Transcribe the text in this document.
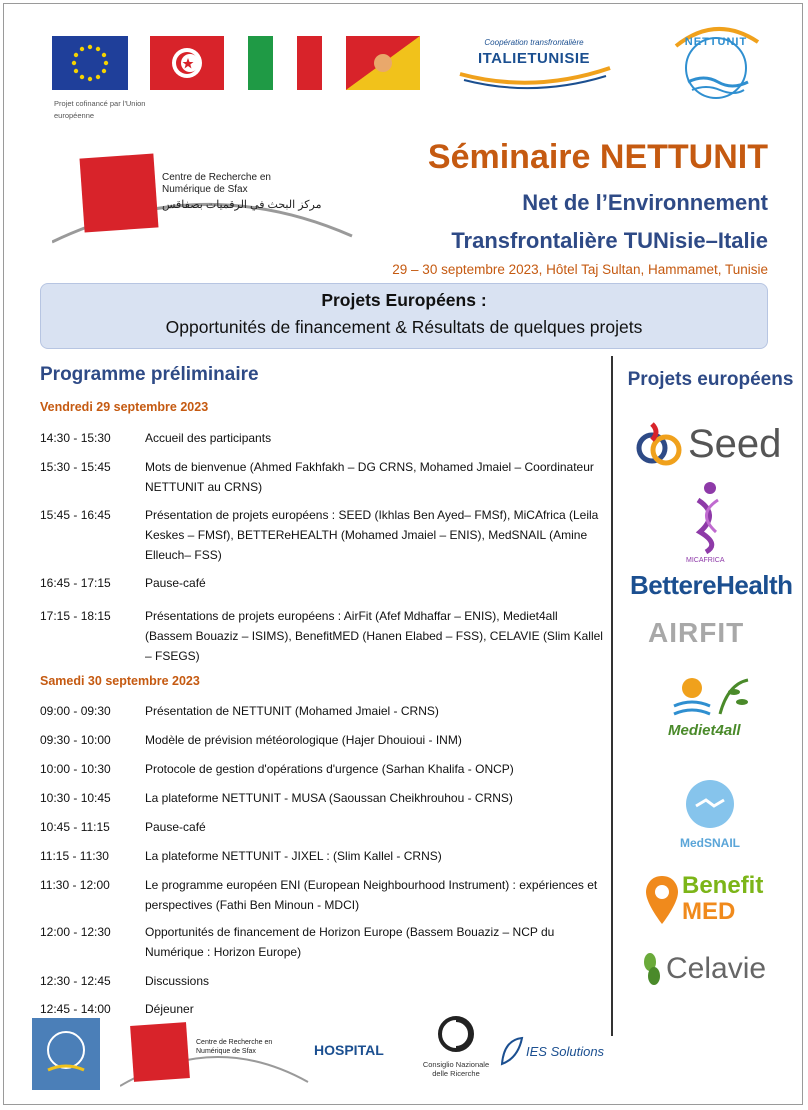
Projet cofinancé par l'Union européenne
Coopération transfrontalière
ITALIETUNISIE
NETTUNIT
Centre de Recherche en Numérique de Sfax
مركز البحث في الرقميات بصفاقس
Séminaire NETTUNIT
Net de l’Environnement
Transfrontalière TUNisie–Italie
29 – 30 septembre 2023, Hôtel Taj Sultan, Hammamet, Tunisie
Projets Européens :
Opportunités de financement & Résultats de quelques projets
Programme préliminaire
Vendredi 29 septembre 2023
14:30 - 15:30	Accueil des participants
15:30 - 15:45	Mots de bienvenue (Ahmed Fakhfakh – DG CRNS, Mohamed Jmaiel – Coordinateur NETTUNIT au CRNS)
15:45 - 16:45	Présentation de projets européens : SEED (Ikhlas Ben Ayed– FMSf), MiCAfrica (Leila Keskes – FMSf), BETTEReHEALTH (Mohamed Jmaiel – ENIS), MedSNAIL (Amine Elleuch– FSS)
16:45 - 17:15	Pause-café
17:15 - 18:15	Présentations de projets européens : AirFit (Afef Mdhaffar – ENIS), Mediet4all (Bassem Bouaziz – ISIMS), BenefitMED (Hanen Elabed – FSS), CELAVIE (Slim Kallel – FSEGS)
Samedi 30 septembre 2023
09:00 - 09:30	Présentation de NETTUNIT (Mohamed Jmaiel - CRNS)
09:30 - 10:00	Modèle de prévision météorologique (Hajer Dhouioui - INM)
10:00 - 10:30	Protocole de gestion d'opérations d'urgence (Sarhan Khalifa - ONCP)
10:30 - 10:45	La plateforme NETTUNIT - MUSA (Saoussan Cheikhrouhou - CRNS)
10:45 - 11:15	Pause-café
11:15 - 11:30	La plateforme NETTUNIT - JIXEL : (Slim Kallel - CRNS)
11:30 - 12:00	Le programme européen ENI (European Neighbourhood Instrument) : expériences et perspectives (Fathi Ben Minoun - MDCI)
12:00 - 12:30	Opportunités de financement de Horizon Europe (Bassem Bouaziz – NCP du Numérique : Horizon Europe)
12:30 - 12:45	Discussions
12:45 - 14:00	Déjeuner
Projets européens
Seed
MICAFRICA
BettereHealth
AIRFIT
Mediet4all
MedSNAIL
Benefit
MED
Celavie
Centre de Recherche en Numérique de Sfax	HOSPITAL
Consiglio Nazionale delle Ricerche
IES Solutions
